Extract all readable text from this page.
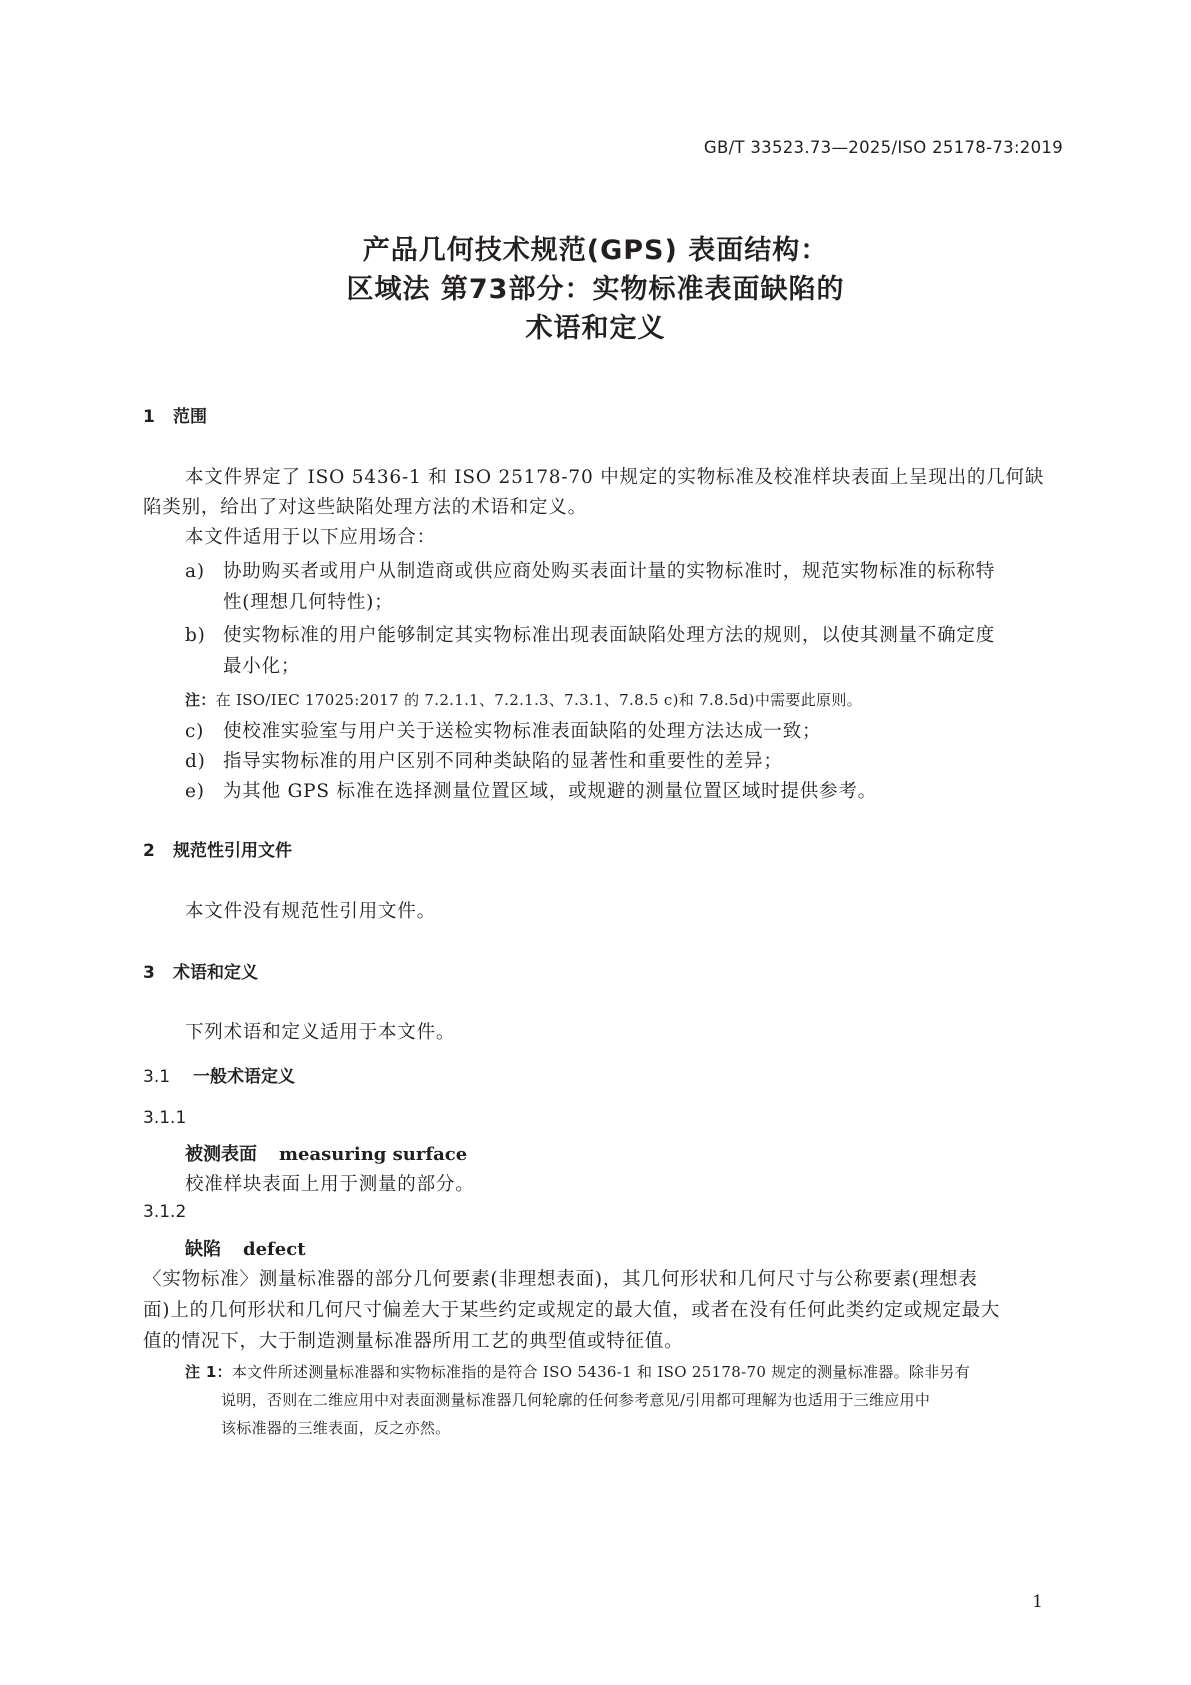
GB/T 33523.73—2025/ISO 25178-73:2019
产品几何技术规范(GPS) 表面结构：
区域法 第73部分：实物标准表面缺陷的
术语和定义
1 范围
本文件界定了 ISO 5436-1 和 ISO 25178-70 中规定的实物标准及校准样块表面上呈现出的几何缺
陷类别，给出了对这些缺陷处理方法的术语和定义。
本文件适用于以下应用场合：
a) 协助购买者或用户从制造商或供应商处购买表面计量的实物标准时，规范实物标准的标称特
性(理想几何特性)；
b) 使实物标准的用户能够制定其实物标准出现表面缺陷处理方法的规则，以使其测量不确定度
最小化；
注：在 ISO/IEC 17025:2017 的 7.2.1.1、7.2.1.3、7.3.1、7.8.5 c)和 7.8.5d)中需要此原则。
c) 使校准实验室与用户关于送检实物标准表面缺陷的处理方法达成一致；
d) 指导实物标准的用户区别不同种类缺陷的显著性和重要性的差异；
e) 为其他 GPS 标准在选择测量位置区域，或规避的测量位置区域时提供参考。
2 规范性引用文件
本文件没有规范性引用文件。
3 术语和定义
下列术语和定义适用于本文件。
3.1 一般术语定义
3.1.1
被测表面 measuring surface
校准样块表面上用于测量的部分。
3.1.2
缺陷 defect
〈实物标准〉测量标准器的部分几何要素(非理想表面)，其几何形状和几何尺寸与公称要素(理想表
面)上的几何形状和几何尺寸偏差大于某些约定或规定的最大值，或者在没有任何此类约定或规定最大
值的情况下，大于制造测量标准器所用工艺的典型值或特征值。
注 1：本文件所述测量标准器和实物标准指的是符合 ISO 5436-1 和 ISO 25178-70 规定的测量标准器。除非另有
说明，否则在二维应用中对表面测量标准器几何轮廓的任何参考意见/引用都可理解为也适用于三维应用中
该标准器的三维表面，反之亦然。
1
